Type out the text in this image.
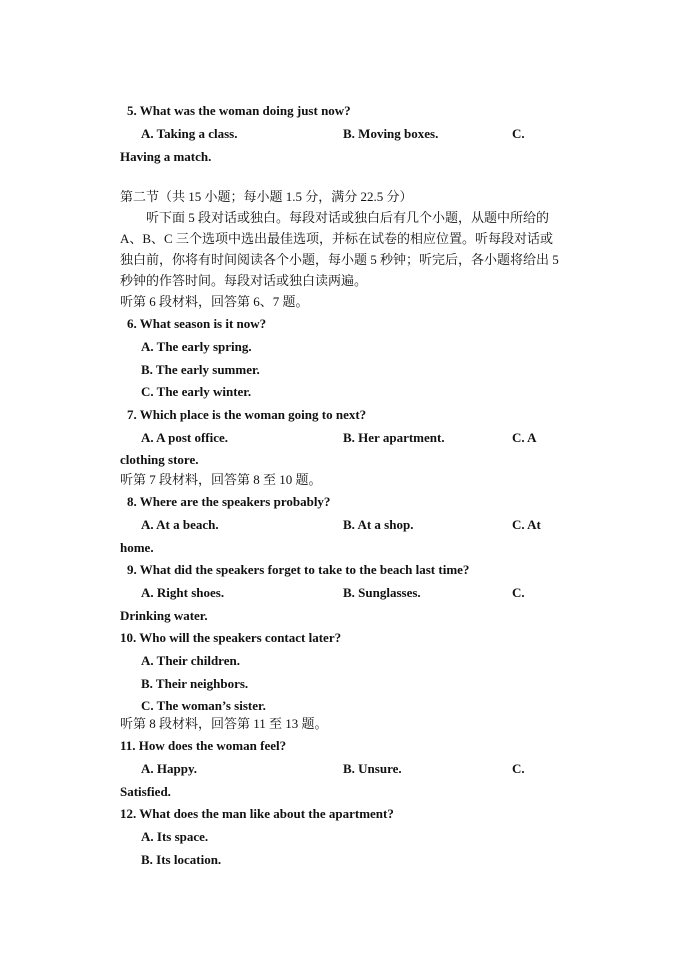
5. What was the woman doing just now?
A. Taking a class.	B. Moving boxes.	C.
Having a match.
第二节（共 15 小题；每小题 1.5 分，满分 22.5 分）
听下面 5 段对话或独白。每段对话或独白后有几个小题，从题中所给的
A、B、C 三个选项中选出最佳选项，并标在试卷的相应位置。听每段对话或
独白前，你将有时间阅读各个小题，每小题 5 秒钟；听完后，各小题将给出 5
秒钟的作答时间。每段对话或独白读两遍。
听第 6 段材料，回答第 6、7 题。
6. What season is it now?
A. The early spring.
B. The early summer.
C. The early winter.
7. Which place is the woman going to next?
A. A post office.	B. Her apartment.	C. A
clothing store.
听第 7 段材料，回答第 8 至 10 题。
8. Where are the speakers probably?
A. At a beach.	B. At a shop.	C. At
home.
9. What did the speakers forget to take to the beach last time?
A. Right shoes.	B. Sunglasses.	C.
Drinking water.
10. Who will the speakers contact later?
A. Their children.
B. Their neighbors.
C. The woman’s sister.
听第 8 段材料，回答第 11 至 13 题。
11. How does the woman feel?
A. Happy.	B. Unsure.	C.
Satisfied.
12. What does the man like about the apartment?
A. Its space.
B. Its location.
